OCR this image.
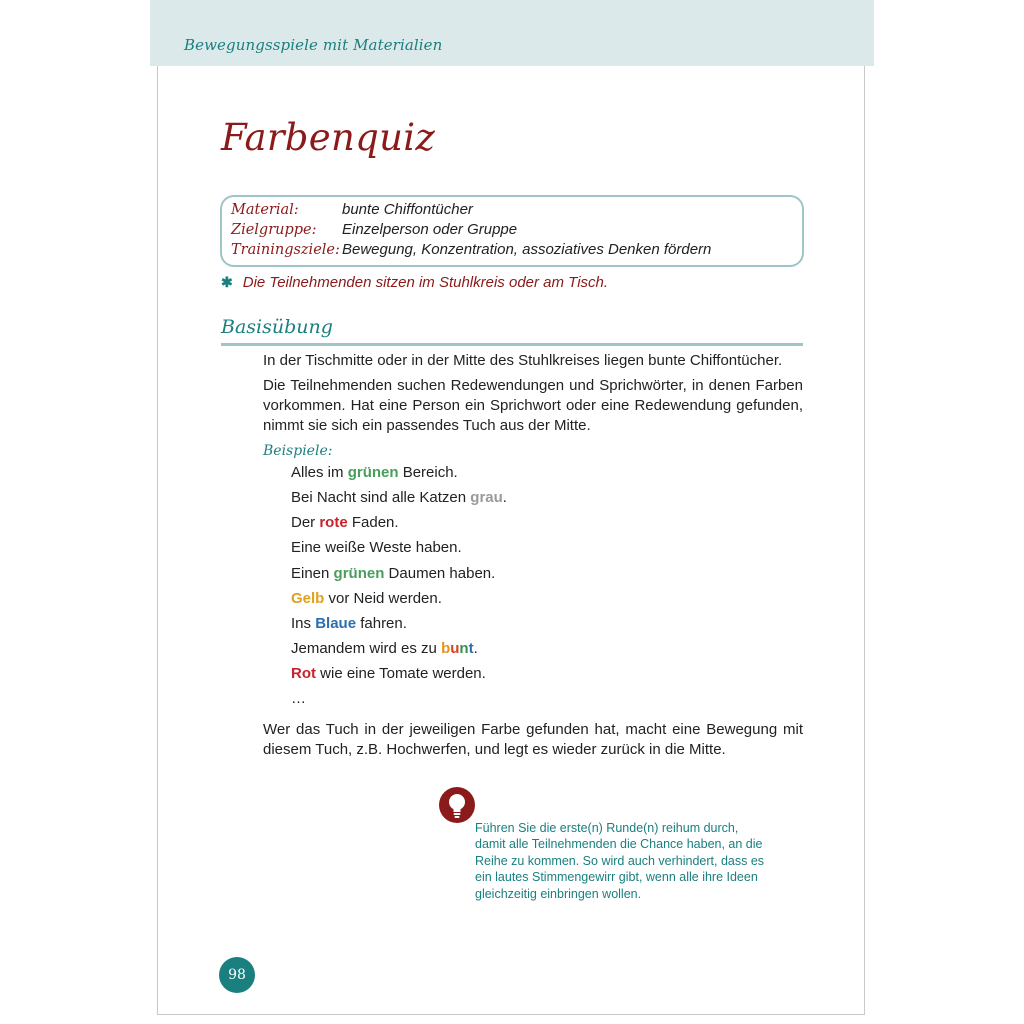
Bewegungsspiele mit Materialien
Farbenquiz
Material:	bunte Chiffontücher
Zielgruppe: Einzelperson oder Gruppe
Trainingsziele: Bewegung, Konzentration, assoziatives Denken fördern
✱ Die Teilnehmenden sitzen im Stuhlkreis oder am Tisch.
Basisübung

In der Tischmitte oder in der Mitte des Stuhlkreises liegen bunte Chiffontücher.

Die Teilnehmenden suchen Redewendungen und Sprichwörter, in denen Farben vorkommen. Hat eine Person ein Sprichwort oder eine Redewendung gefunden, nimmt sie sich ein passendes Tuch aus der Mitte.

Beispiele:

Alles im grünen Bereich.

Bei Nacht sind alle Katzen grau.

Der rote Faden.

Eine weiße Weste haben.

Einen grünen Daumen haben.

Gelb vor Neid werden.

Ins Blaue fahren.

Jemandem wird es zu bunt.

Rot wie eine Tomate werden.

…

Wer das Tuch in der jeweiligen Farbe gefunden hat, macht eine Bewegung mit diesem Tuch, z.B. Hochwerfen, und legt es wieder zurück in die Mitte.

Führen Sie die erste(n) Runde(n) reihum durch,
damit alle Teilnehmenden die Chance haben, an die
Reihe zu kommen. So wird auch verhindert, dass es
ein lautes Stimmengewirr gibt, wenn alle ihre Ideen
gleichzeitig einbringen wollen.

98
